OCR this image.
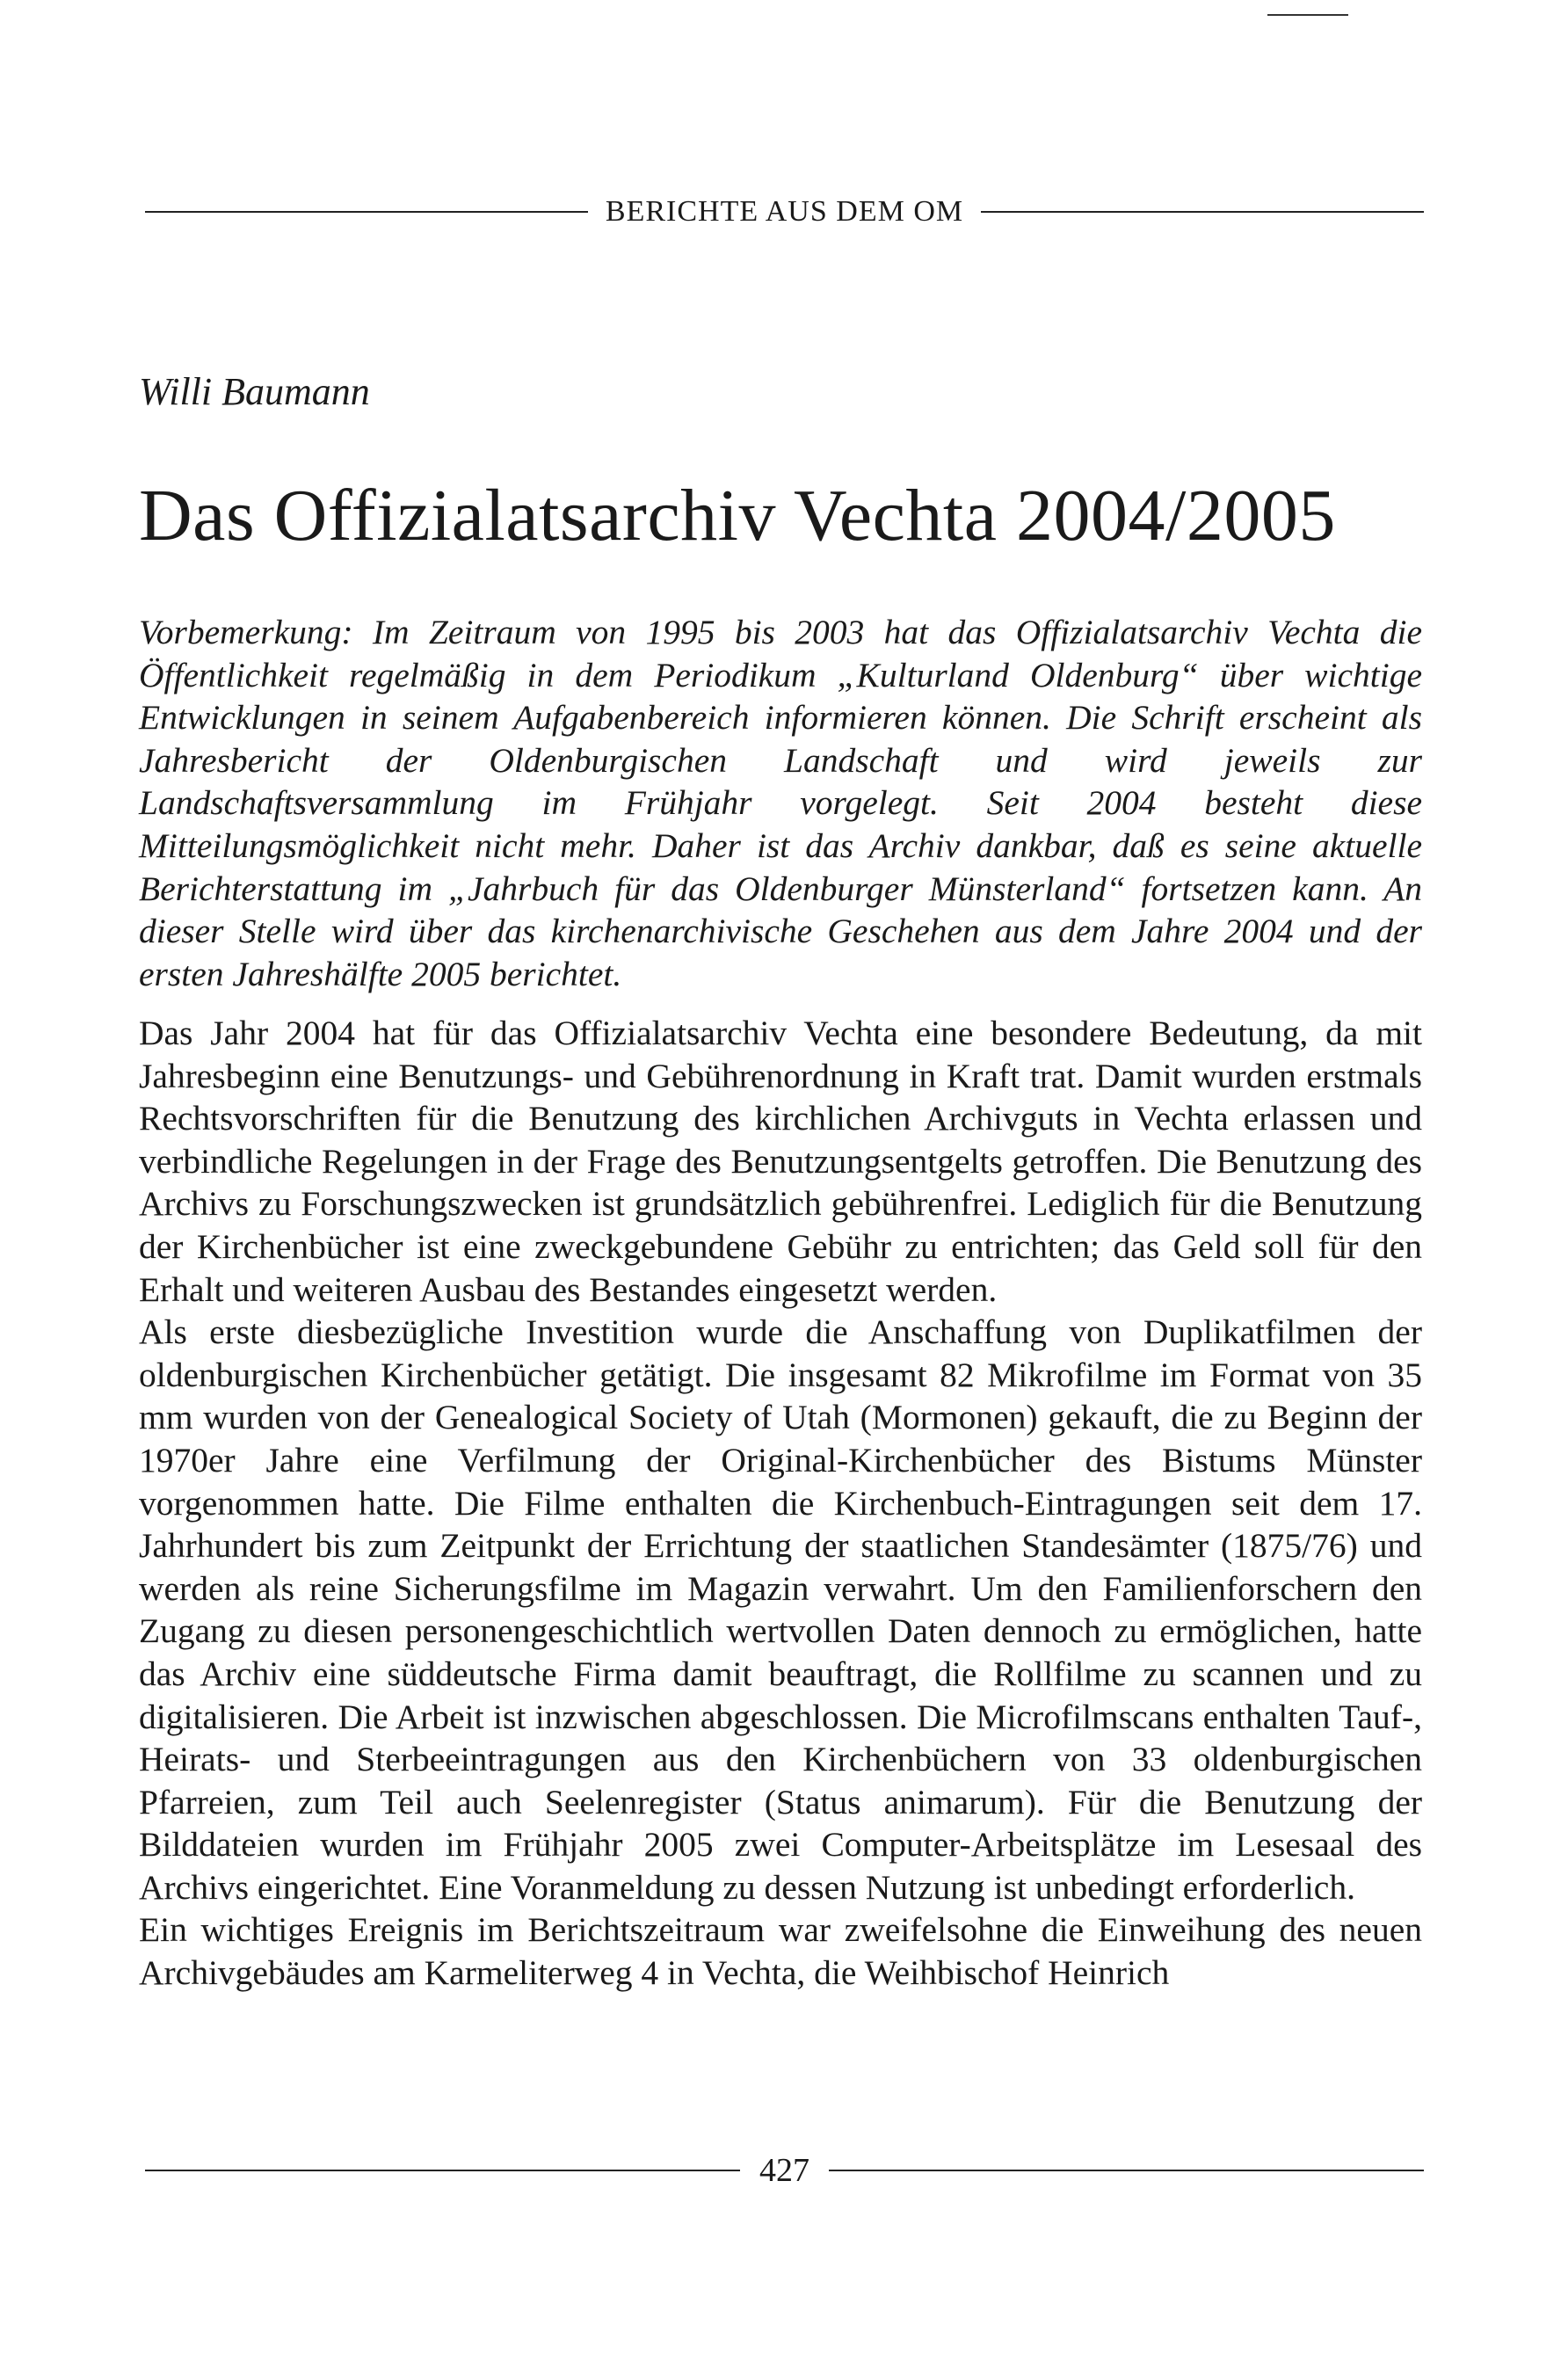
BERICHTE AUS DEM OM
Willi Baumann
Das Offizialatsarchiv Vechta 2004/2005

Vorbemerkung: Im Zeitraum von 1995 bis 2003 hat das Offizialatsarchiv Vechta die Öffentlichkeit regelmäßig in dem Periodikum „Kulturland Oldenburg“ über wichtige Entwicklungen in seinem Aufgabenbereich informieren können. Die Schrift erscheint als Jahresbericht der Oldenburgischen Landschaft und wird jeweils zur Landschaftsversammlung im Frühjahr vorgelegt. Seit 2004 besteht diese Mitteilungsmöglichkeit nicht mehr. Daher ist das Archiv dankbar, daß es seine aktuelle Berichterstattung im „Jahrbuch für das Oldenburger Münsterland“ fortsetzen kann. An dieser Stelle wird über das kirchenarchivische Geschehen aus dem Jahre 2004 und der ersten Jahreshälfte 2005 berichtet.

Das Jahr 2004 hat für das Offizialatsarchiv Vechta eine besondere Bedeutung, da mit Jahresbeginn eine Benutzungs- und Gebührenordnung in Kraft trat. Damit wurden erstmals Rechtsvorschriften für die Benutzung des kirchlichen Archivguts in Vechta erlassen und verbindliche Regelungen in der Frage des Benutzungsentgelts getroffen. Die Benutzung des Archivs zu Forschungszwecken ist grundsätzlich gebührenfrei. Lediglich für die Benutzung der Kirchenbücher ist eine zweckgebundene Gebühr zu entrichten; das Geld soll für den Erhalt und weiteren Ausbau des Bestandes eingesetzt werden.

Als erste diesbezügliche Investition wurde die Anschaffung von Duplikatfilmen der oldenburgischen Kirchenbücher getätigt. Die insgesamt 82 Mikrofilme im Format von 35 mm wurden von der Genealogical Society of Utah (Mormonen) gekauft, die zu Beginn der 1970er Jahre eine Verfilmung der Original-Kirchenbücher des Bistums Münster vorgenommen hatte. Die Filme enthalten die Kirchenbuch-Eintragungen seit dem 17. Jahrhundert bis zum Zeitpunkt der Errichtung der staatlichen Standesämter (1875/76) und werden als reine Sicherungsfilme im Magazin verwahrt. Um den Familienforschern den Zugang zu diesen personengeschichtlich wertvollen Daten dennoch zu ermöglichen, hatte das Archiv eine süddeutsche Firma damit beauftragt, die Rollfilme zu scannen und zu digitalisieren. Die Arbeit ist inzwischen abgeschlossen. Die Microfilmscans enthalten Tauf-, Heirats- und Sterbeeintragungen aus den Kirchenbüchern von 33 oldenburgischen Pfarreien, zum Teil auch Seelenregister (Status animarum). Für die Benutzung der Bilddateien wurden im Frühjahr 2005 zwei Computer-Arbeitsplätze im Lesesaal des Archivs eingerichtet. Eine Voranmeldung zu dessen Nutzung ist unbedingt erforderlich.

Ein wichtiges Ereignis im Berichtszeitraum war zweifelsohne die Einweihung des neuen Archivgebäudes am Karmeliterweg 4 in Vechta, die Weihbischof Heinrich

427
